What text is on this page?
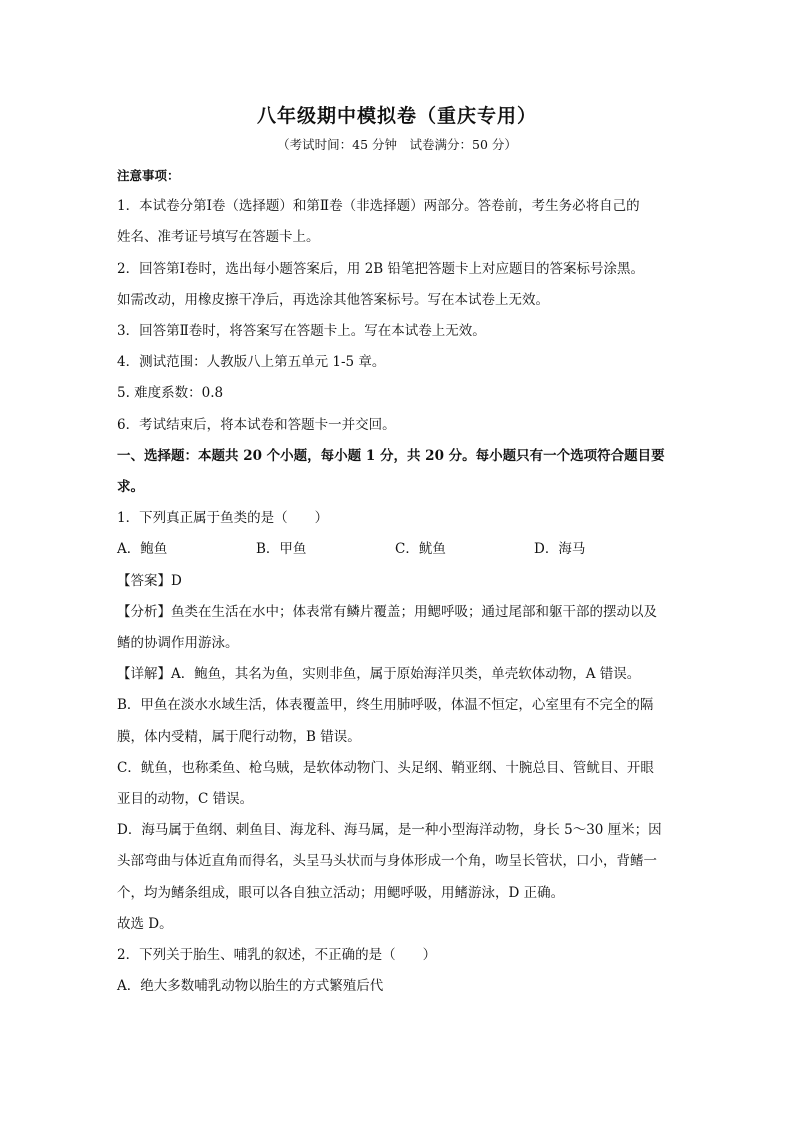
八年级期中模拟卷（重庆专用）
（考试时间：45 分钟　试卷满分：50 分）

注意事项：

1．本试卷分第Ⅰ卷（选择题）和第Ⅱ卷（非选择题）两部分。答卷前，考生务必将自己的

姓名、准考证号填写在答题卡上。

2．回答第Ⅰ卷时，选出每小题答案后，用 2B 铅笔把答题卡上对应题目的答案标号涂黑。

如需改动，用橡皮擦干净后，再选涂其他答案标号。写在本试卷上无效。

3．回答第Ⅱ卷时，将答案写在答题卡上。写在本试卷上无效。

4．测试范围：人教版八上第五单元 1-5 章。

5. 难度系数：0.8

6．考试结束后，将本试卷和答题卡一并交回。

一、选择题：本题共 20 个小题，每小题 1 分，共 20 分。每小题只有一个选项符合题目要

求。

1．下列真正属于鱼类的是（　　）

A．鲍鱼	B．甲鱼	C．鱿鱼	D．海马

【答案】D

【分析】鱼类在生活在水中；体表常有鳞片覆盖；用鳃呼吸；通过尾部和躯干部的摆动以及

鳍的协调作用游泳。

【详解】A．鲍鱼，其名为鱼，实则非鱼，属于原始海洋贝类，单壳软体动物，A 错误。

B．甲鱼在淡水水域生活，体表覆盖甲，终生用肺呼吸，体温不恒定，心室里有不完全的隔

膜，体内受精，属于爬行动物，B 错误。

C．鱿鱼，也称柔鱼、枪乌贼，是软体动物门、头足纲、鞘亚纲、十腕总目、管鱿目、开眼

亚目的动物，C 错误。

D．海马属于鱼纲、刺鱼目、海龙科、海马属，是一种小型海洋动物，身长 5～30 厘米；因

头部弯曲与体近直角而得名，头呈马头状而与身体形成一个角，吻呈长管状，口小，背鳍一

个，均为鳍条组成，眼可以各自独立活动；用鳃呼吸，用鳍游泳，D 正确。

故选 D。

2．下列关于胎生、哺乳的叙述，不正确的是（　　）

A．绝大多数哺乳动物以胎生的方式繁殖后代
